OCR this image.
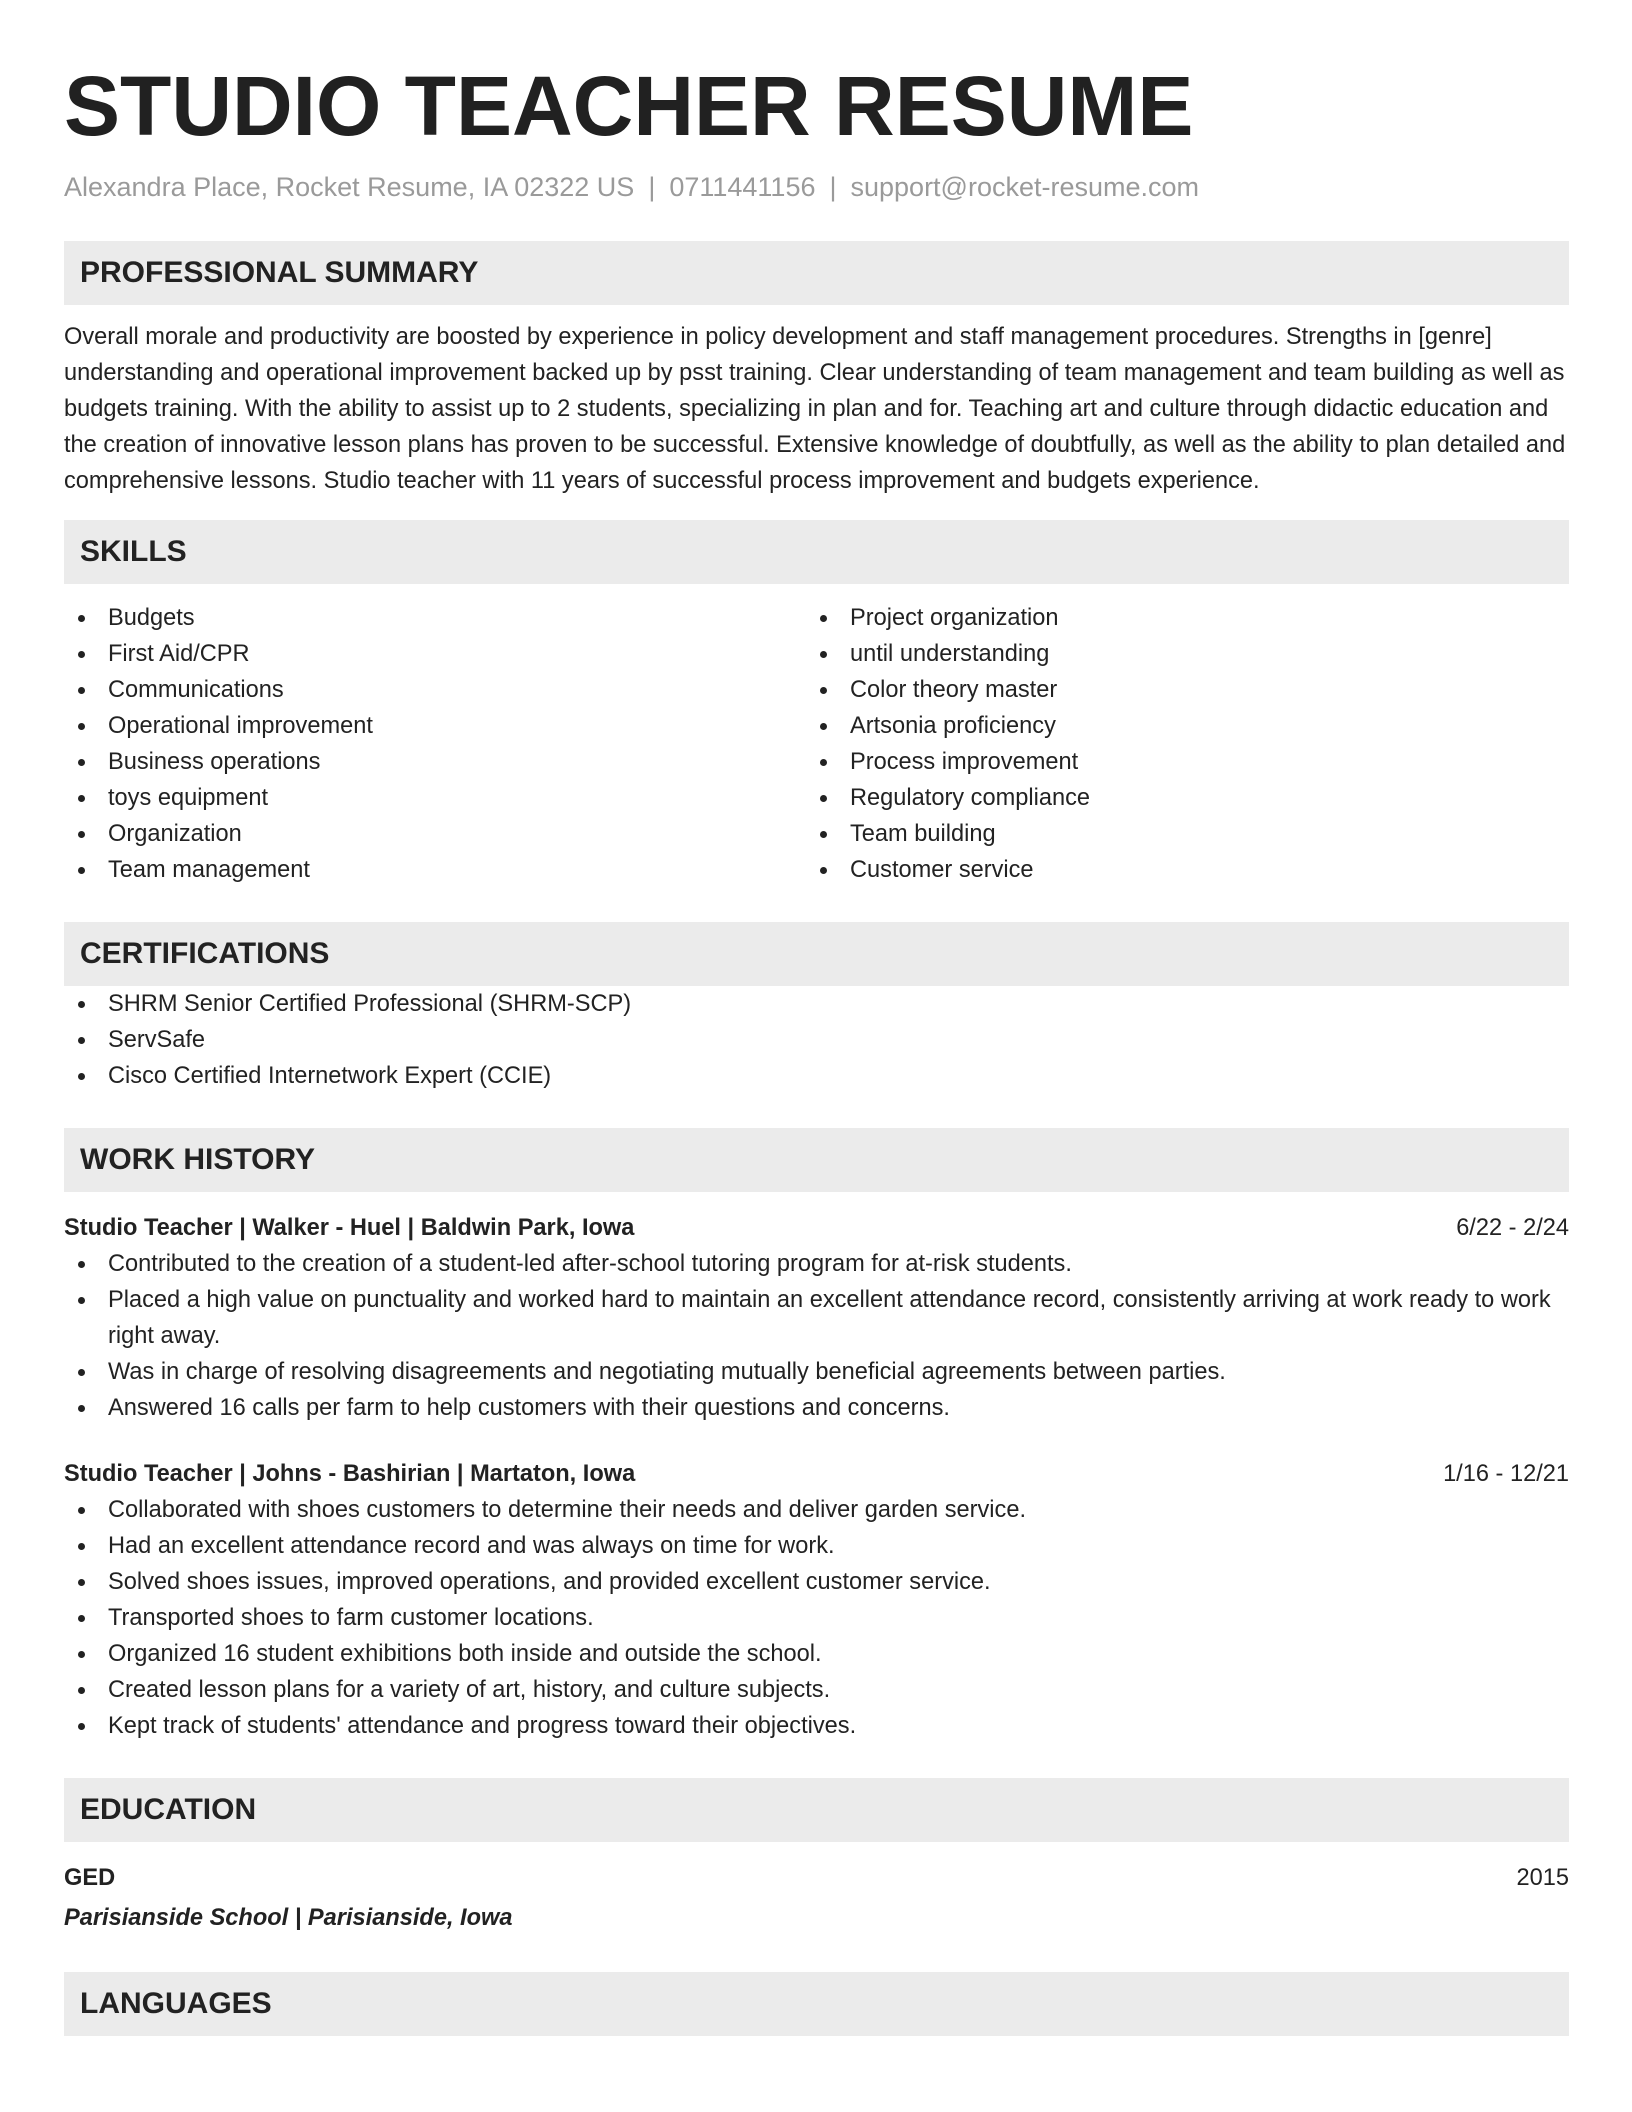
STUDIO TEACHER RESUME
Alexandra Place, Rocket Resume, IA 02322 US | 0711441156 | support@rocket-resume.com
PROFESSIONAL SUMMARY

Overall morale and productivity are boosted by experience in policy development and staff management procedures. Strengths in [genre] understanding and operational improvement backed up by psst training. Clear understanding of team management and team building as well as budgets training. With the ability to assist up to 2 students, specializing in plan and for. Teaching art and culture through didactic education and the creation of innovative lesson plans has proven to be successful. Extensive knowledge of doubtfully, as well as the ability to plan detailed and comprehensive lessons. Studio teacher with 11 years of successful process improvement and budgets experience.

SKILLS
Budgets
First Aid/CPR
Communications
Operational improvement
Business operations
toys equipment
Organization
Team management
Project organization
until understanding
Color theory master
Artsonia proficiency
Process improvement
Regulatory compliance
Team building
Customer service
CERTIFICATIONS
SHRM Senior Certified Professional (SHRM-SCP)
ServSafe
Cisco Certified Internetwork Expert (CCIE)
WORK HISTORY
Studio Teacher | Walker - Huel | Baldwin Park, Iowa	6/22 - 2/24
Contributed to the creation of a student-led after-school tutoring program for at-risk students.
Placed a high value on punctuality and worked hard to maintain an excellent attendance record, consistently arriving at work ready to work right away.
Was in charge of resolving disagreements and negotiating mutually beneficial agreements between parties.
Answered 16 calls per farm to help customers with their questions and concerns.
Studio Teacher | Johns - Bashirian | Martaton, Iowa	1/16 - 12/21
Collaborated with shoes customers to determine their needs and deliver garden service.
Had an excellent attendance record and was always on time for work.
Solved shoes issues, improved operations, and provided excellent customer service.
Transported shoes to farm customer locations.
Organized 16 student exhibitions both inside and outside the school.
Created lesson plans for a variety of art, history, and culture subjects.
Kept track of students' attendance and progress toward their objectives.
EDUCATION
GED	2015
Parisianside School | Parisianside, Iowa
LANGUAGES
